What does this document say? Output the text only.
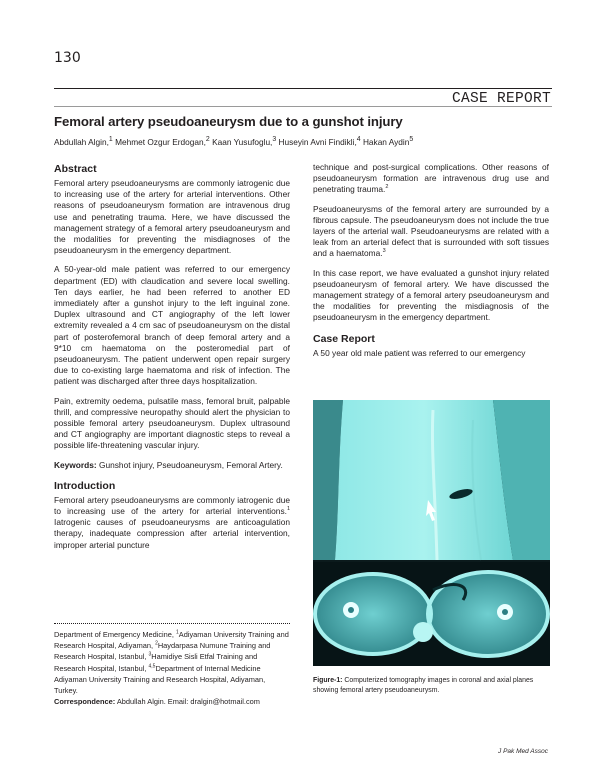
130
CASE REPORT
Femoral artery pseudoaneurysm due to a gunshot injury
Abdullah Algin,$^1$ Mehmet Ozgur Erdogan,$^2$ Kaan Yusufoglu,$^3$ Huseyin Avni Findikli,$^4$ Hakan Aydin$^5$
Abstract

Femoral artery pseudoaneurysms are commonly iatrogenic due to increasing use of the artery for arterial interventions. Other reasons of pseudoaneurysm formation are intravenous drug use and penetrating trauma. Here, we have discussed the management strategy of a femoral artery pseudoaneurysm and the modalities for preventing the misdiagnoses of the pseudoaneurysm in the emergency department.

A 50-year-old male patient was referred to our emergency department (ED) with claudication and severe local swelling. Ten days earlier, he had been referred to another ED immediately after a gunshot injury to the left inguinal zone. Duplex ultrasound and CT angiography of the left lower extremity revealed a 4 cm sac of pseudoaneurysm on the distal part of posterofemoral branch of deep femoral artery and a 9*10 cm haematoma on the posteromedial part of pseudoaneurysm. The patient underwent open repair surgery due to co-existing large haematoma and risk of infection. The patient was discharged after three days hospitalization.

Pain, extremity oedema, pulsatile mass, femoral bruit, palpable thrill, and compressive neuropathy should alert the physician to possible femoral artery pseudoaneurysm. Duplex ultrasound and CT angiography are important diagnostic steps to reveal a possible life-threatening vascular injury.

Keywords: Gunshot injury, Pseudoaneurysm, Femoral Artery.

Introduction

Femoral artery pseudoaneurysms are commonly iatrogenic due to increasing use of the artery for arterial interventions.$^1$ Iatrogenic causes of pseudoaneurysms are anticoagulation therapy, inadequate compression after arterial intervention, improper arterial puncture

Department of Emergency Medicine, $^1$Adiyaman University Training and Research Hospital, Adiyaman, $^2$Haydarpasa Numune Training and Research Hospital, Istanbul, $^3$Hamidiye Sisli Etfal Training and Research Hospital, Istanbul, $^{4,5}$Department of Internal Medicine Adiyaman University Training and Research Hospital, Adiyaman, Turkey.
Correspondence: Abdullah Algin. Email: dralgin@hotmail.com

technique and post-surgical complications. Other reasons of pseudoaneurysm formation are intravenous drug use and penetrating trauma.$^2$

Pseudoaneurysms of the femoral artery are surrounded by a fibrous capsule. The pseudoaneurysm does not include the true layers of the arterial wall. Pseudoaneurysms are related with a leak from an arterial defect that is surrounded with soft tissues and a haematoma.$^3$

In this case report, we have evaluated a gunshot injury related pseudoaneurysm of femoral artery. We have discussed the management strategy of a femoral artery pseudoaneurysm and the modalities for preventing the misdiagnosis of the pseudoaneurysm in the emergency department.

Case Report

A 50 year old male patient was referred to our emergency

Figure-1: Computerized tomography images in coronal and axial planes showing femoral artery pseudoaneurysm.
J Pak Med Assoc
